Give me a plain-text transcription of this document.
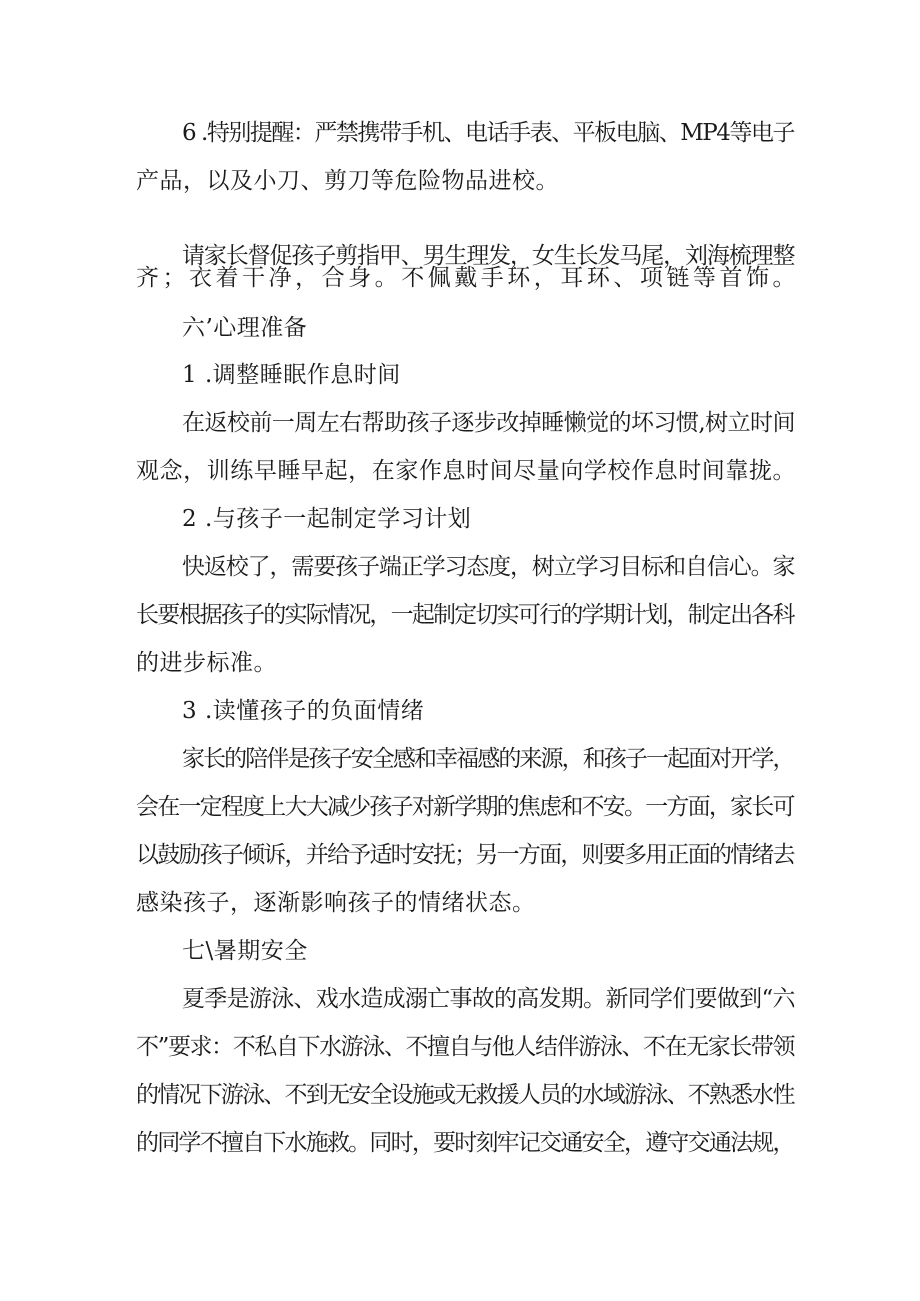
6 .特别提醒：严禁携带手机、电话手表、平板电脑、MP4等电子
产品，以及小刀、剪刀等危险物品进校。
请家长督促孩子剪指甲、男生理发，女生长发马尾，刘海梳理整
齐；衣着干净，合身。不佩戴手环，耳环、项链等首饰。
六’心理准备
1 .调整睡眠作息时间
在返校前一周左右帮助孩子逐步改掉睡懒觉的坏习惯,树立时间
观念，训练早睡早起，在家作息时间尽量向学校作息时间靠拢。
2 .与孩子一起制定学习计划
快返校了，需要孩子端正学习态度，树立学习目标和自信心。家
长要根据孩子的实际情况，一起制定切实可行的学期计划，制定出各科
的进步标准。
3 .读懂孩子的负面情绪
家长的陪伴是孩子安全感和幸福感的来源，和孩子一起面对开学，
会在一定程度上大大减少孩子对新学期的焦虑和不安。一方面，家长可
以鼓励孩子倾诉，并给予适时安抚；另一方面，则要多用正面的情绪去
感染孩子，逐渐影响孩子的情绪状态。
七\暑期安全
夏季是游泳、戏水造成溺亡事故的高发期。新同学们要做到“六
不”要求：不私自下水游泳、不擅自与他人结伴游泳、不在无家长带领
的情况下游泳、不到无安全设施或无救援人员的水域游泳、不熟悉水性
的同学不擅自下水施救。同时，要时刻牢记交通安全，遵守交通法规，
